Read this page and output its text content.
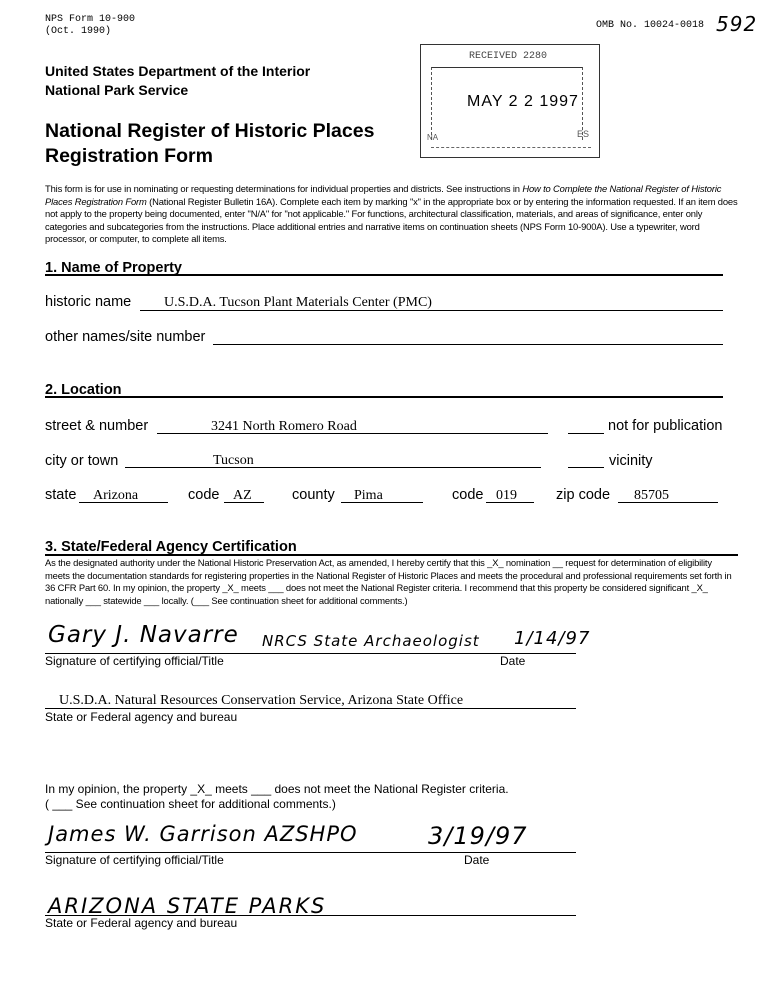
NPS Form 10-900
(Oct. 1990)
OMB No. 10024-0018 592
United States Department of the Interior
National Park Service
National Register of Historic Places
Registration Form
RECEIVED 2280
MAY 2 2 1997
NA	ES
This form is for use in nominating or requesting determinations for individual properties and districts. See instructions in How to Complete the National Register of Historic Places Registration Form (National Register Bulletin 16A). Complete each item by marking "x" in the appropriate box or by entering the information requested. If an item does not apply to the property being documented, enter "N/A" for "not applicable." For functions, architectural classification, materials, and areas of significance, enter only categories and subcategories from the instructions. Place additional entries and narrative items on continuation sheets (NPS Form 10-900A). Use a typewriter, word processor, or computer, to complete all items.
1. Name of Property
historic name U.S.D.A. Tucson Plant Materials Center (PMC)
other names/site number
2. Location
street & number	3241 North Romero Road	not for publication
city or town	Tucson	vicinity
state Arizona	code AZ	county Pima	code 019	zip code 85705
3. State/Federal Agency Certification
As the designated authority under the National Historic Preservation Act, as amended, I hereby certify that this _X_ nomination __ request for determination of eligibility meets the documentation standards for registering properties in the National Register of Historic Places and meets the procedural and professional requirements set forth in 36 CFR Part 60. In my opinion, the property _X_ meets ___ does not meet the National Register criteria. I recommend that this property be considered significant _X_ nationally ___ statewide ___ locally. (___ See continuation sheet for additional comments.)
Gary J. Navarre NRCS State Archaeologist 1/14/97
Signature of certifying official/Title	Date
U.S.D.A. Natural Resources Conservation Service, Arizona State Office
State or Federal agency and bureau
In my opinion, the property _X_ meets ___ does not meet the National Register criteria.
( ___ See continuation sheet for additional comments.)
James W. Garrison AZSHPO	3/19/97
Signature of certifying official/Title	Date
ARIZONA STATE PARKS
State or Federal agency and bureau
